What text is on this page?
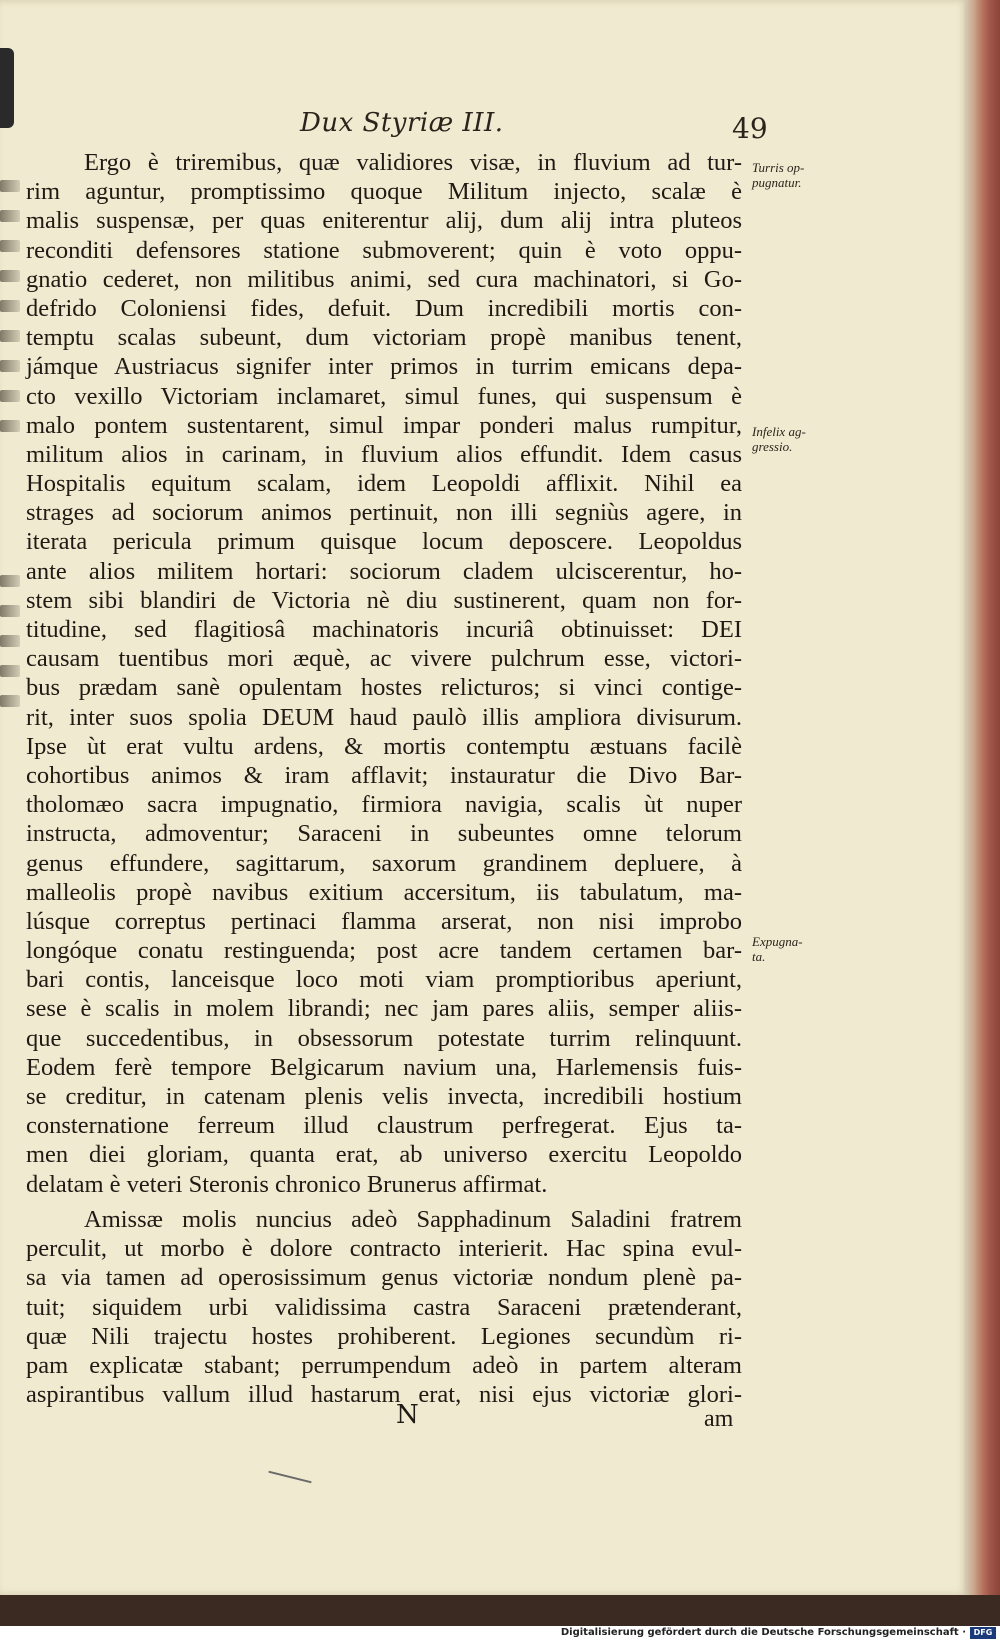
Dux Styriæ III.	49
Ergo è triremibus, quæ validiores visæ, in fluvium ad tur-
rim aguntur, promptissimo quoque Militum injecto, scalæ è
malis suspensæ, per quas eniterentur alij, dum alij intra pluteos
reconditi defensores statione submoverent; quin è voto oppu-
gnatio cederet, non militibus animi, sed cura machinatori, si Go-
defrido Coloniensi fides, defuit. Dum incredibili mortis con-
temptu scalas subeunt, dum victoriam propè manibus tenent,
jámque Austriacus signifer inter primos in turrim emicans depa-
cto vexillo Victoriam inclamaret, simul funes, qui suspensum è
malo pontem sustentarent, simul impar ponderi malus rumpitur,
militum alios in carinam, in fluvium alios effundit. Idem casus
Hospitalis equitum scalam, idem Leopoldi afflixit. Nihil ea
strages ad sociorum animos pertinuit, non illi segniùs agere, in
iterata pericula primum quisque locum deposcere. Leopoldus
ante alios militem hortari: sociorum cladem ulciscerentur, ho-
stem sibi blandiri de Victoria nè diu sustinerent, quam non for-
titudine, sed flagitiosâ machinatoris incuriâ obtinuisset: DEI
causam tuentibus mori æquè, ac vivere pulchrum esse, victori-
bus prædam sanè opulentam hostes relicturos; si vinci contige-
rit, inter suos spolia DEUM haud paulò illis ampliora divisurum.
Ipse ùt erat vultu ardens, & mortis contemptu æstuans facilè
cohortibus animos & iram afflavit; instauratur die Divo Bar-
tholomæo sacra impugnatio, firmiora navigia, scalis ùt nuper
instructa, admoventur; Saraceni in subeuntes omne telorum
genus effundere, sagittarum, saxorum grandinem depluere, à
malleolis propè navibus exitium accersitum, iis tabulatum, ma-
lúsque correptus pertinaci flamma arserat, non nisi improbo
longóque conatu restinguenda; post acre tandem certamen bar-
bari contis, lanceisque loco moti viam promptioribus aperiunt,
sese è scalis in molem librandi; nec jam pares aliis, semper aliis-
que succedentibus, in obsessorum potestate turrim relinquunt.
Eodem ferè tempore Belgicarum navium una, Harlemensis fuis-
se creditur, in catenam plenis velis invecta, incredibili hostium
consternatione ferreum illud claustrum perfregerat. Ejus ta-
men diei gloriam, quanta erat, ab universo exercitu Leopoldo
delatam è veteri Steronis chronico Brunerus affirmat.
Amissæ molis nuncius adeò Sapphadinum Saladini fratrem
perculit, ut morbo è dolore contracto interierit. Hac spina evul-
sa via tamen ad operosissimum genus victoriæ nondum plenè pa-
tuit; siquidem urbi validissima castra Saraceni prætenderant,
quæ Nili trajectu hostes prohiberent. Legiones secundùm ri-
pam explicatæ stabant; perrumpendum adeò in partem alteram
aspirantibus vallum illud hastarum erat, nisi ejus victoriæ glori-
Turris op-
pugnatur.
Infelix ag-
gressio.
Expugna-
ta.
N	am
Digitalisierung gefördert durch die Deutsche Forschungsgemeinschaft · DFG
